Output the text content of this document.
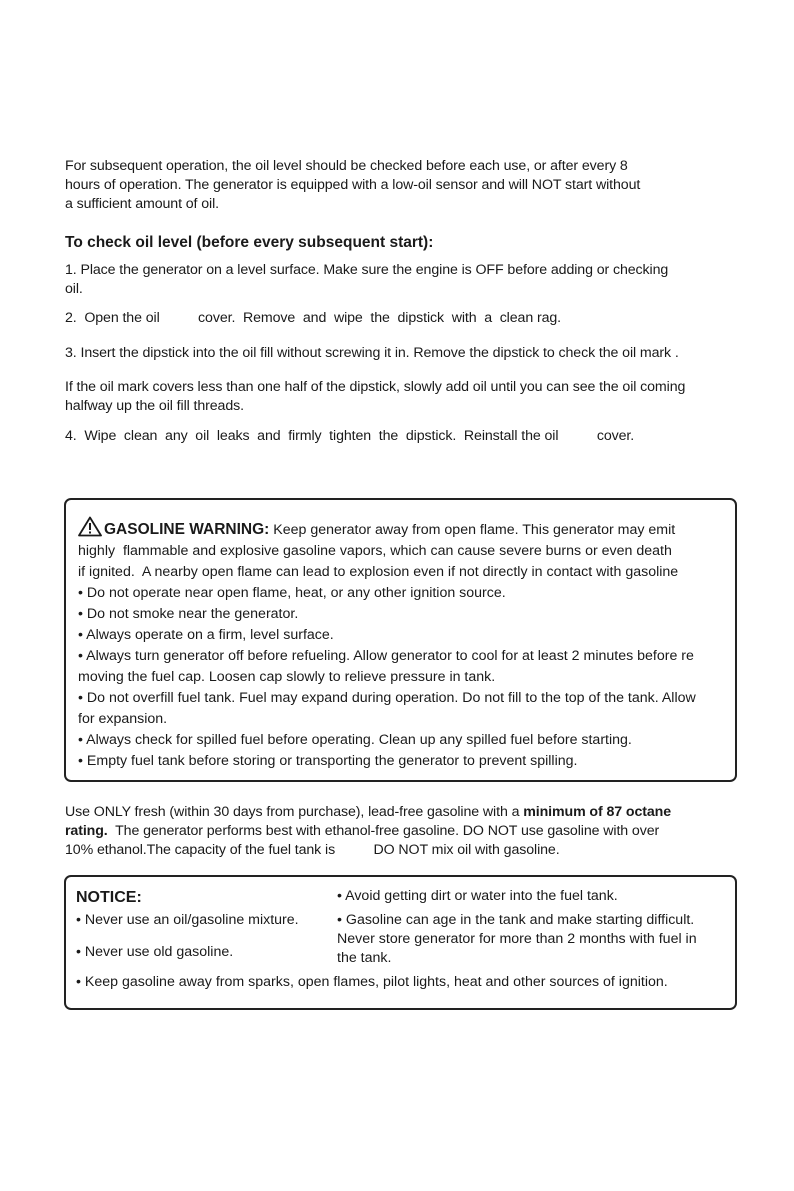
For subsequent operation, the oil level should be checked before each use, or after every 8

hours of operation. The generator is equipped with a low-oil sensor and will NOT start without

a sufficient amount of oil.

To check oil level (before every subsequent start):

1. Place the generator on a level surface. Make sure the engine is OFF before adding or checking

oil.

2.  Open the oil          cover.  Remove  and  wipe  the  dipstick  with  a  clean rag.

3. Insert the dipstick into the oil fill without screwing it in. Remove the dipstick to check the oil mark .

If the oil mark covers less than one half of the dipstick, slowly add oil until you can see the oil coming

halfway up the oil fill threads.

4.  Wipe  clean  any  oil  leaks  and  firmly  tighten  the  dipstick.  Reinstall the oil          cover.

GASOLINE WARNING: Keep generator away from open flame. This generator may emit

highly  flammable and explosive gasoline vapors, which can cause severe burns or even death

if ignited.  A nearby open flame can lead to explosion even if not directly in contact with gasoline

• Do not operate near open flame, heat, or any other ignition source.

• Do not smoke near the generator.

• Always operate on a firm, level surface.

• Always turn generator off before refueling. Allow generator to cool for at least 2 minutes before re

moving the fuel cap. Loosen cap slowly to relieve pressure in tank.

• Do not overfill fuel tank. Fuel may expand during operation. Do not fill to the top of the tank. Allow

for expansion.

• Always check for spilled fuel before operating. Clean up any spilled fuel before starting.

• Empty fuel tank before storing or transporting the generator to prevent spilling.

Use ONLY fresh (within 30 days from purchase), lead-free gasoline with a minimum of 87 octane

rating.  The generator performs best with ethanol-free gasoline. DO NOT use gasoline with over

10% ethanol.The capacity of the fuel tank is          DO NOT mix oil with gasoline.

NOTICE:
• Never use an oil/gasoline mixture.
• Never use old gasoline.
• Avoid getting dirt or water into the fuel tank.
• Gasoline can age in the tank and make starting difficult.
Never store generator for more than 2 months with fuel in
the tank.
• Keep gasoline away from sparks, open flames, pilot lights, heat and other sources of ignition.
